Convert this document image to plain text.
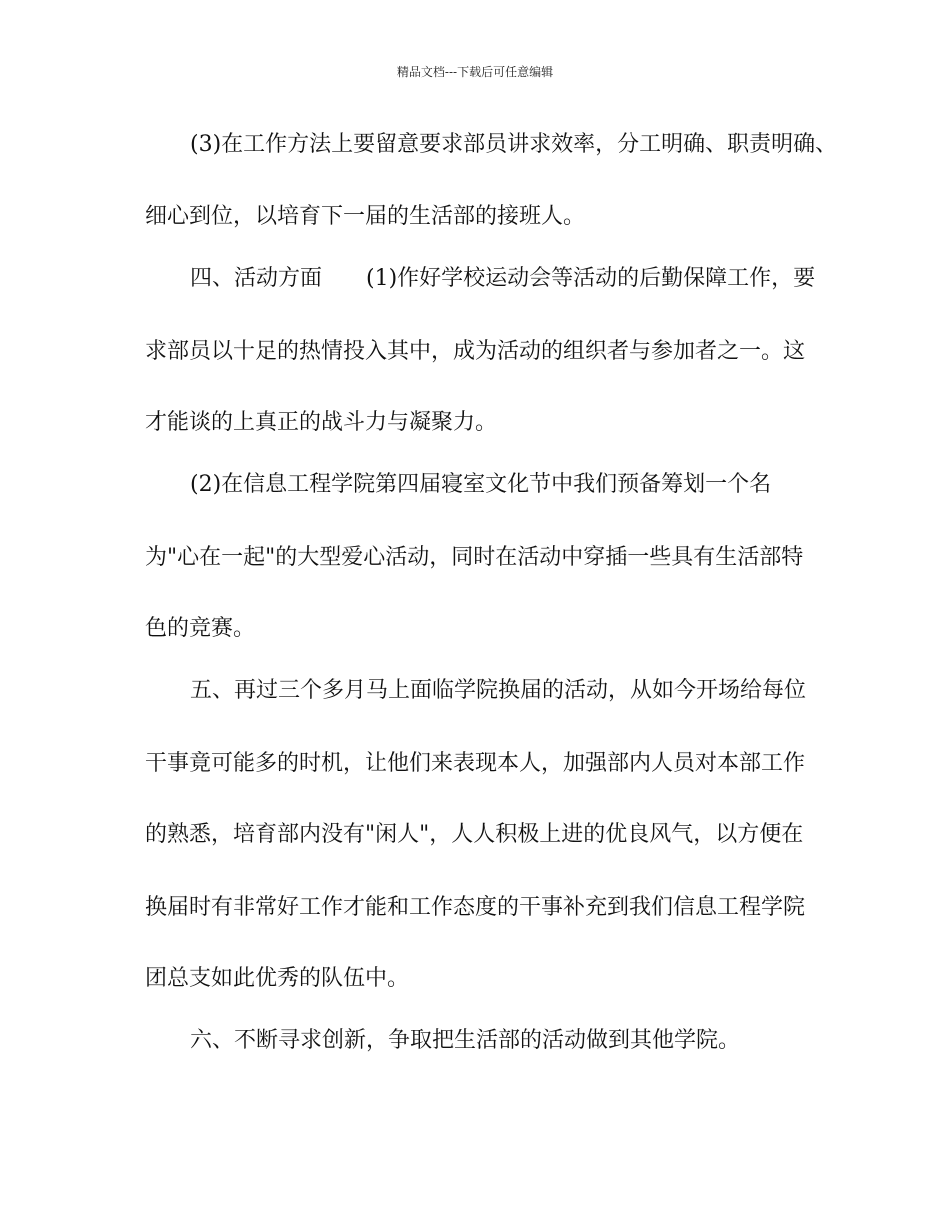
精品文档---下载后可任意编辑
(3)在工作方法上要留意要求部员讲求效率，分工明确、职责明确、
细心到位，以培育下一届的生活部的接班人。
四、活动方面　　(1)作好学校运动会等活动的后勤保障工作，要
求部员以十足的热情投入其中，成为活动的组织者与参加者之一。这
才能谈的上真正的战斗力与凝聚力。
(2)在信息工程学院第四届寝室文化节中我们预备筹划一个名
为"心在一起"的大型爱心活动，同时在活动中穿插一些具有生活部特
色的竞赛。
五、再过三个多月马上面临学院换届的活动，从如今开场给每位
干事竟可能多的时机，让他们来表现本人，加强部内人员对本部工作
的熟悉，培育部内没有"闲人"，人人积极上进的优良风气，以方便在
换届时有非常好工作才能和工作态度的干事补充到我们信息工程学院
团总支如此优秀的队伍中。
六、不断寻求创新，争取把生活部的活动做到其他学院。
